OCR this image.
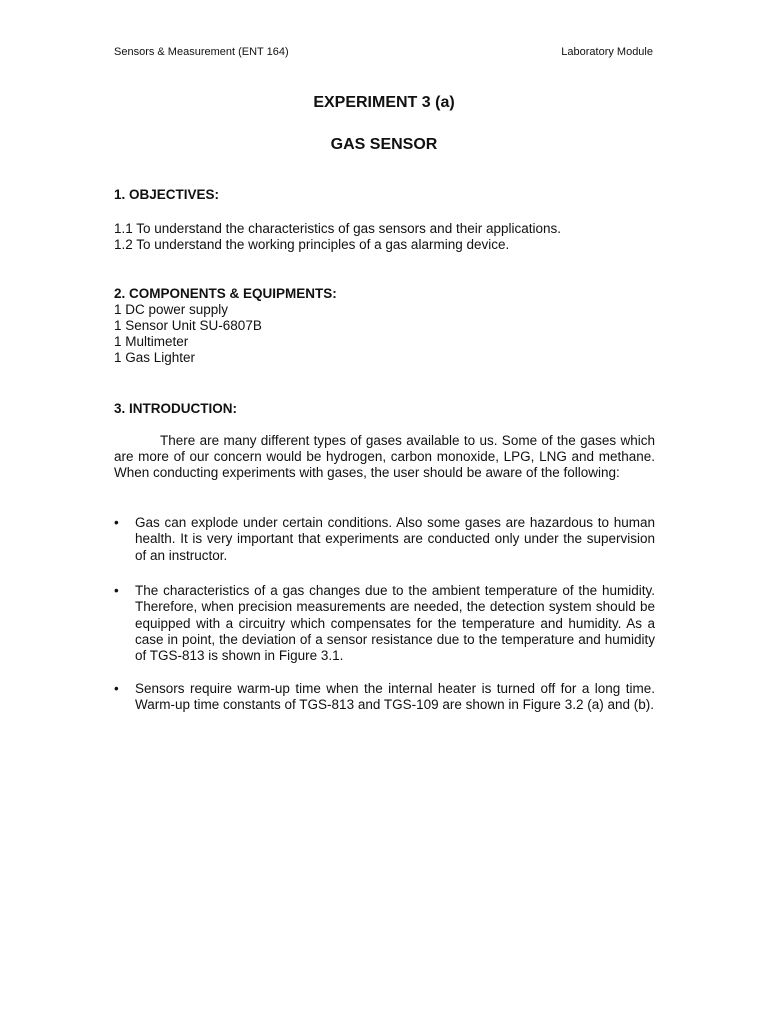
Sensors & Measurement (ENT 164)	Laboratory Module
EXPERIMENT 3 (a)
GAS SENSOR
1. OBJECTIVES:
1.1 To understand the characteristics of gas sensors and their applications.
1.2 To understand the working principles of a gas alarming device.
2. COMPONENTS & EQUIPMENTS:
1 DC power supply
1 Sensor Unit SU-6807B
1 Multimeter
1 Gas Lighter
3. INTRODUCTION:

There are many different types of gases available to us. Some of the gases which are more of our concern would be hydrogen, carbon monoxide, LPG, LNG and methane. When conducting experiments with gases, the user should be aware of the following:

•	Gas can explode under certain conditions. Also some gases are hazardous to human health. It is very important that experiments are conducted only under the supervision of an instructor.
•	The characteristics of a gas changes due to the ambient temperature of the humidity. Therefore, when precision measurements are needed, the detection system should be equipped with a circuitry which compensates for the temperature and humidity. As a case in point, the deviation of a sensor resistance due to the temperature and humidity of TGS-813 is shown in Figure 3.1.
•	Sensors require warm-up time when the internal heater is turned off for a long time. Warm-up time constants of TGS-813 and TGS-109 are shown in Figure 3.2 (a) and (b).
